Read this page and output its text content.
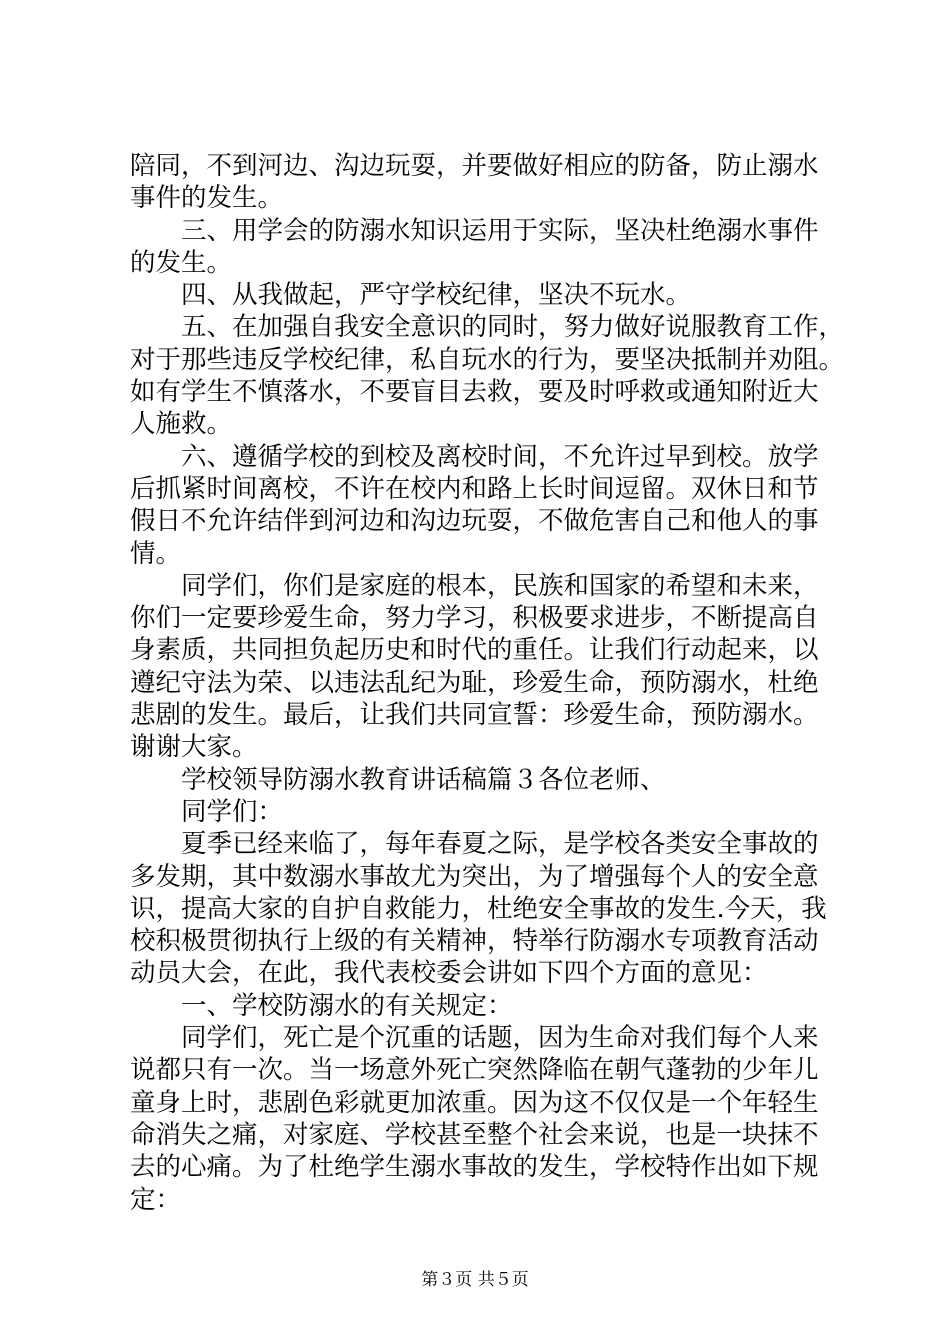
陪同，不到河边、沟边玩耍，并要做好相应的防备，防止溺水
事件的发生。
三、用学会的防溺水知识运用于实际，坚决杜绝溺水事件
的发生。
四、从我做起，严守学校纪律，坚决不玩水。
五、在加强自我安全意识的同时，努力做好说服教育工作，
对于那些违反学校纪律，私自玩水的行为，要坚决抵制并劝阻。
如有学生不慎落水，不要盲目去救，要及时呼救或通知附近大
人施救。
六、遵循学校的到校及离校时间，不允许过早到校。放学
后抓紧时间离校，不许在校内和路上长时间逗留。双休日和节
假日不允许结伴到河边和沟边玩耍，不做危害自己和他人的事
情。
同学们，你们是家庭的根本，民族和国家的希望和未来，
你们一定要珍爱生命，努力学习，积极要求进步，不断提高自
身素质，共同担负起历史和时代的重任。让我们行动起来，以
遵纪守法为荣、以违法乱纪为耻，珍爱生命，预防溺水，杜绝
悲剧的发生。最后，让我们共同宣誓：珍爱生命，预防溺水。
谢谢大家。
学校领导防溺水教育讲话稿篇３各位老师、
同学们：
夏季已经来临了，每年春夏之际，是学校各类安全事故的
多发期，其中数溺水事故尤为突出，为了增强每个人的安全意
识，提高大家的自护自救能力，杜绝安全事故的发生.今天，我
校积极贯彻执行上级的有关精神，特举行防溺水专项教育活动
动员大会，在此，我代表校委会讲如下四个方面的意见：
一、学校防溺水的有关规定：
同学们，死亡是个沉重的话题，因为生命对我们每个人来
说都只有一次。当一场意外死亡突然降临在朝气蓬勃的少年儿
童身上时，悲剧色彩就更加浓重。因为这不仅仅是一个年轻生
命消失之痛，对家庭、学校甚至整个社会来说，也是一块抹不
去的心痛。为了杜绝学生溺水事故的发生，学校特作出如下规
定：
第３页 共５页
